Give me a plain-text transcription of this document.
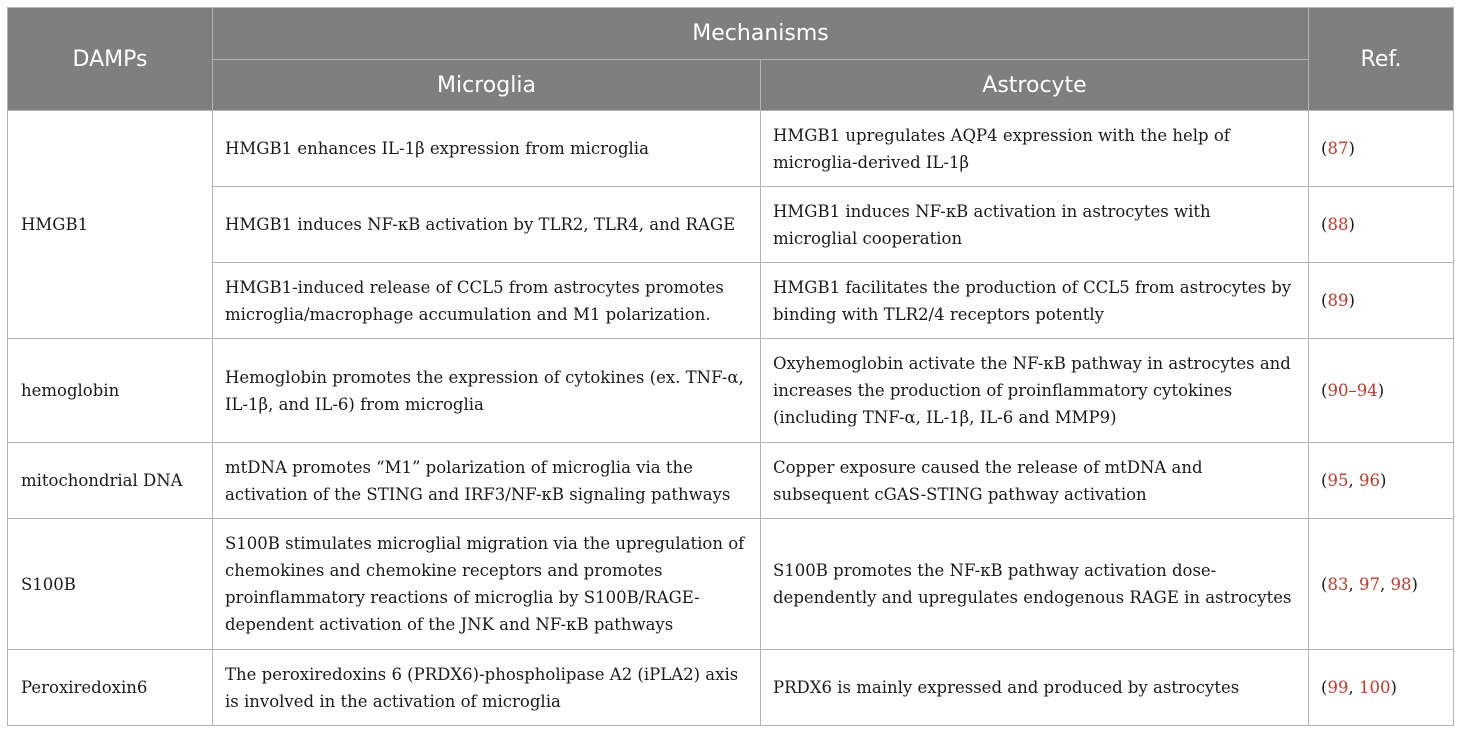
DAMPs	Mechanisms		Ref.
	Microglia	Astrocyte	
HMGB1	HMGB1 enhances IL-1β expression from microglia	HMGB1 upregulates AQP4 expression with the help of microglia-derived IL-1β	(87)
	HMGB1 induces NF-κB activation by TLR2, TLR4, and RAGE	HMGB1 induces NF-κB activation in astrocytes with microglial cooperation	(88)
	HMGB1-induced release of CCL5 from astrocytes promotes microglia/macrophage accumulation and M1 polarization.	HMGB1 facilitates the production of CCL5 from astrocytes by binding with TLR2/4 receptors potently	(89)
hemoglobin	Hemoglobin promotes the expression of cytokines (ex. TNF-α, IL-1β, and IL-6) from microglia	Oxyhemoglobin activate the NF-κB pathway in astrocytes and increases the production of proinflammatory cytokines (including TNF-α, IL-1β, IL-6 and MMP9)	(90–94)
mitochondrial DNA	mtDNA promotes “M1” polarization of microglia via the activation of the STING and IRF3/NF-κB signaling pathways	Copper exposure caused the release of mtDNA and subsequent cGAS-STING pathway activation	(95, 96)
S100B	S100B stimulates microglial migration via the upregulation of chemokines and chemokine receptors and promotes proinflammatory reactions of microglia by S100B/RAGE-dependent activation of the JNK and NF-κB pathways	S100B promotes the NF-κB pathway activation dose-dependently and upregulates endogenous RAGE in astrocytes	(83, 97, 98)
Peroxiredoxin6	The peroxiredoxins 6 (PRDX6)-phospholipase A2 (iPLA2) axis is involved in the activation of microglia	PRDX6 is mainly expressed and produced by astrocytes	(99, 100)
